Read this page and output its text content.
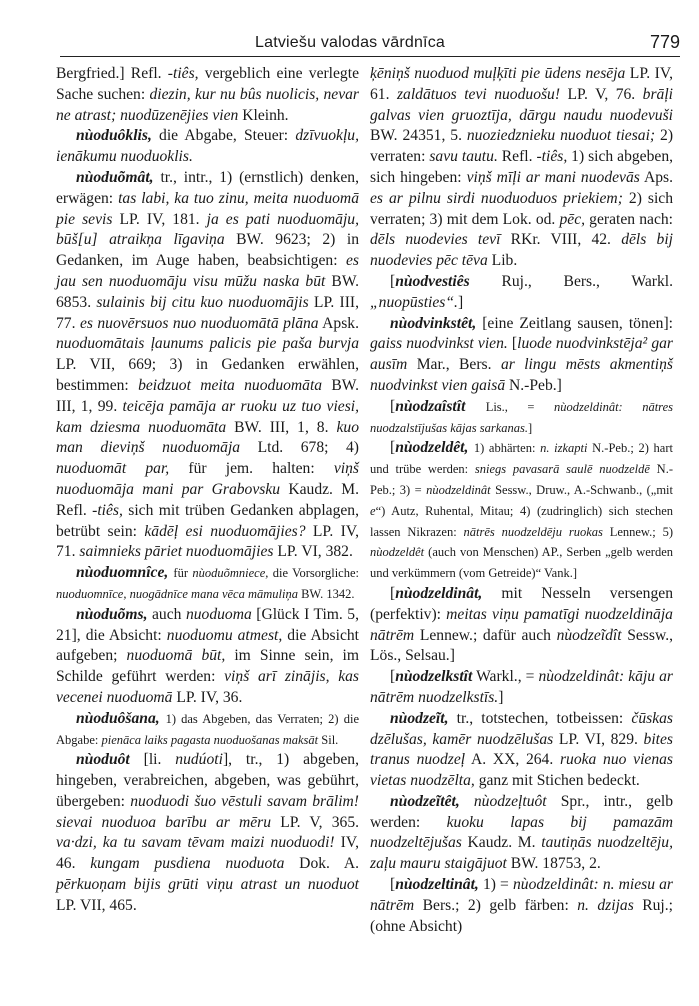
Latviešu valodas vārdnīca	779

Bergfried.] Refl. -tiês, vergeblich eine verlegte Sache suchen: diezin, kur nu bûs nuolicis, nevar ne atrast; nuodūzenējies vien Kleinh.

nùoduôklis, die Abgabe, Steuer: dzīvuokļu, ienākumu nuoduoklis.

nùoduõmât, tr., intr., 1) (ernstlich) denken, erwägen: tas labi, ka tuo zinu, meita nuoduomā pie sevis LP. IV, 181. ja es pati nuoduomāju, būš[u] atraikņa līgaviņa BW. 9623; 2) in Gedanken, im Auge haben, beabsichtigen: es jau sen nuoduomāju visu mūžu naska būt BW. 6853. sulainis bij citu kuo nuoduomājis LP. III, 77. es nuovērsuos nuo nuoduomātā plāna Apsk. nuoduomātais ļaunums palicis pie paša burvja LP. VII, 669; 3) in Gedanken erwählen, bestimmen: beidzuot meita nuoduomāta BW. III, 1, 99. teicēja pamāja ar ruoku uz tuo viesi, kam dziesma nuoduomāta BW. III, 1, 8. kuo man dieviņš nuoduomāja Ltd. 678; 4) nuoduomāt par, für jem. halten: viņš nuoduomāja mani par Grabovsku Kaudz. M. Refl. -tiês, sich mit trüben Gedanken abplagen, betrübt sein: kādēļ esi nuoduomājies? LP. IV, 71. saimnieks pāriet nuoduomājies LP. VI, 382.

nùoduomnîce, für nùoduõmniece, die Vorsorgliche: nuoduomnīce, nuogādnīce mana vēca māmuliņa BW. 1342.

nùoduõms, auch nuoduoma [Glück I Tim. 5, 21], die Absicht: nuoduomu atmest, die Absicht aufgeben; nuoduomā būt, im Sinne sein, im Schilde geführt werden: viņš arī zinājis, kas vecenei nuoduomā LP. IV, 36.

nùoduôšana, 1) das Abgeben, das Verraten; 2) die Abgabe: pienāca laiks pagasta nuoduošanas maksāt Sil.

nùoduôt [li. nudúoti], tr., 1) abgeben, hingeben, verabreichen, abgeben, was gebührt, übergeben: nuoduodi šuo vēstuli savam brālim! sievai nuoduoa barību ar mēru LP. V, 365. va·dzi, ka tu savam tēvam maizi nuoduodi! IV, 46. kungam pusdiena nuoduota Dok. A. pērkuoņam bijis grūti viņu atrast un nuoduot LP. VII, 465.

ķēniņš nuoduod muļķīti pie ūdens nesēja LP. IV, 61. zaldātuos tevi nuoduošu! LP. V, 76. brāļi galvas vien gruoztīja, dārgu naudu nuodevuši BW. 24351, 5. nuoziedznieku nuoduot tiesai; 2) verraten: savu tautu. Refl. -tiês, 1) sich abgeben, sich hingeben: viņš mīļi ar mani nuodevās Aps. es ar pilnu sirdi nuoduoduos priekiem; 2) sich verraten; 3) mit dem Lok. od. pēc, geraten nach: dēls nuodevies tevī RKr. VIII, 42. dēls bij nuodevies pēc tēva Lib.

[nùodvestiês Ruj., Bers., Warkl. „nuopūsties“.]

nùodvinkstêt, [eine Zeitlang sausen, tönen]: gaiss nuodvinkst vien. [luode nuodvinkstēja² gar ausīm Mar., Bers. ar lingu mēsts akmentiņš nuodvinkst vien gaisā N.-Peb.]

[nùodzaîstît Lis., = nùodzeldinât: nātres nuodzalstījušas kājas sarkanas.]

[nùodzeldêt, 1) abhärten: n. izkapti N.-Peb.; 2) hart und trübe werden: sniegs pavasarā saulē nuodzeldē N.-Peb.; 3) = nùodzeldinât Sessw., Druw., A.-Schwanb., („mit e“) Autz, Ruhental, Mitau; 4) (zudringlich) sich stechen lassen Nikrazen: nātrēs nuodzeldēju ruokas Lennew.; 5) nùodzeldêt (auch von Menschen) AP., Serben „gelb werden und verkümmern (vom Getreide)“ Vank.]

[nùodzeldinât, mit Nesseln versengen (perfektiv): meitas viņu pamatīgi nuodzeldināja nātrēm Lennew.; dafür auch nùodzeĩdît Sessw., Lös., Selsau.]

[nùodzelkstît Warkl., = nùodzeldinât: kāju ar nātrēm nuodzelkstīs.]

nùodzeĩt, tr., totstechen, totbeissen: čūskas dzēlušas, kamēr nuodzēlušas LP. VI, 829. bites tranus nuodzeļ A. XX, 264. ruoka nuo vienas vietas nuodzēlta, ganz mit Stichen bedeckt.

nùodzeĩtêt, nùodzeļtuôt Spr., intr., gelb werden: kuoku lapas bij pamazām nuodzeltējušas Kaudz. M. tautiņās nuodzeltēju, zaļu mauru staigājuot BW. 18753, 2.

[nùodzeltinât, 1) = nùodzeldinât: n. miesu ar nātrēm Bers.; 2) gelb färben: n. dzijas Ruj.; (ohne Absicht)
